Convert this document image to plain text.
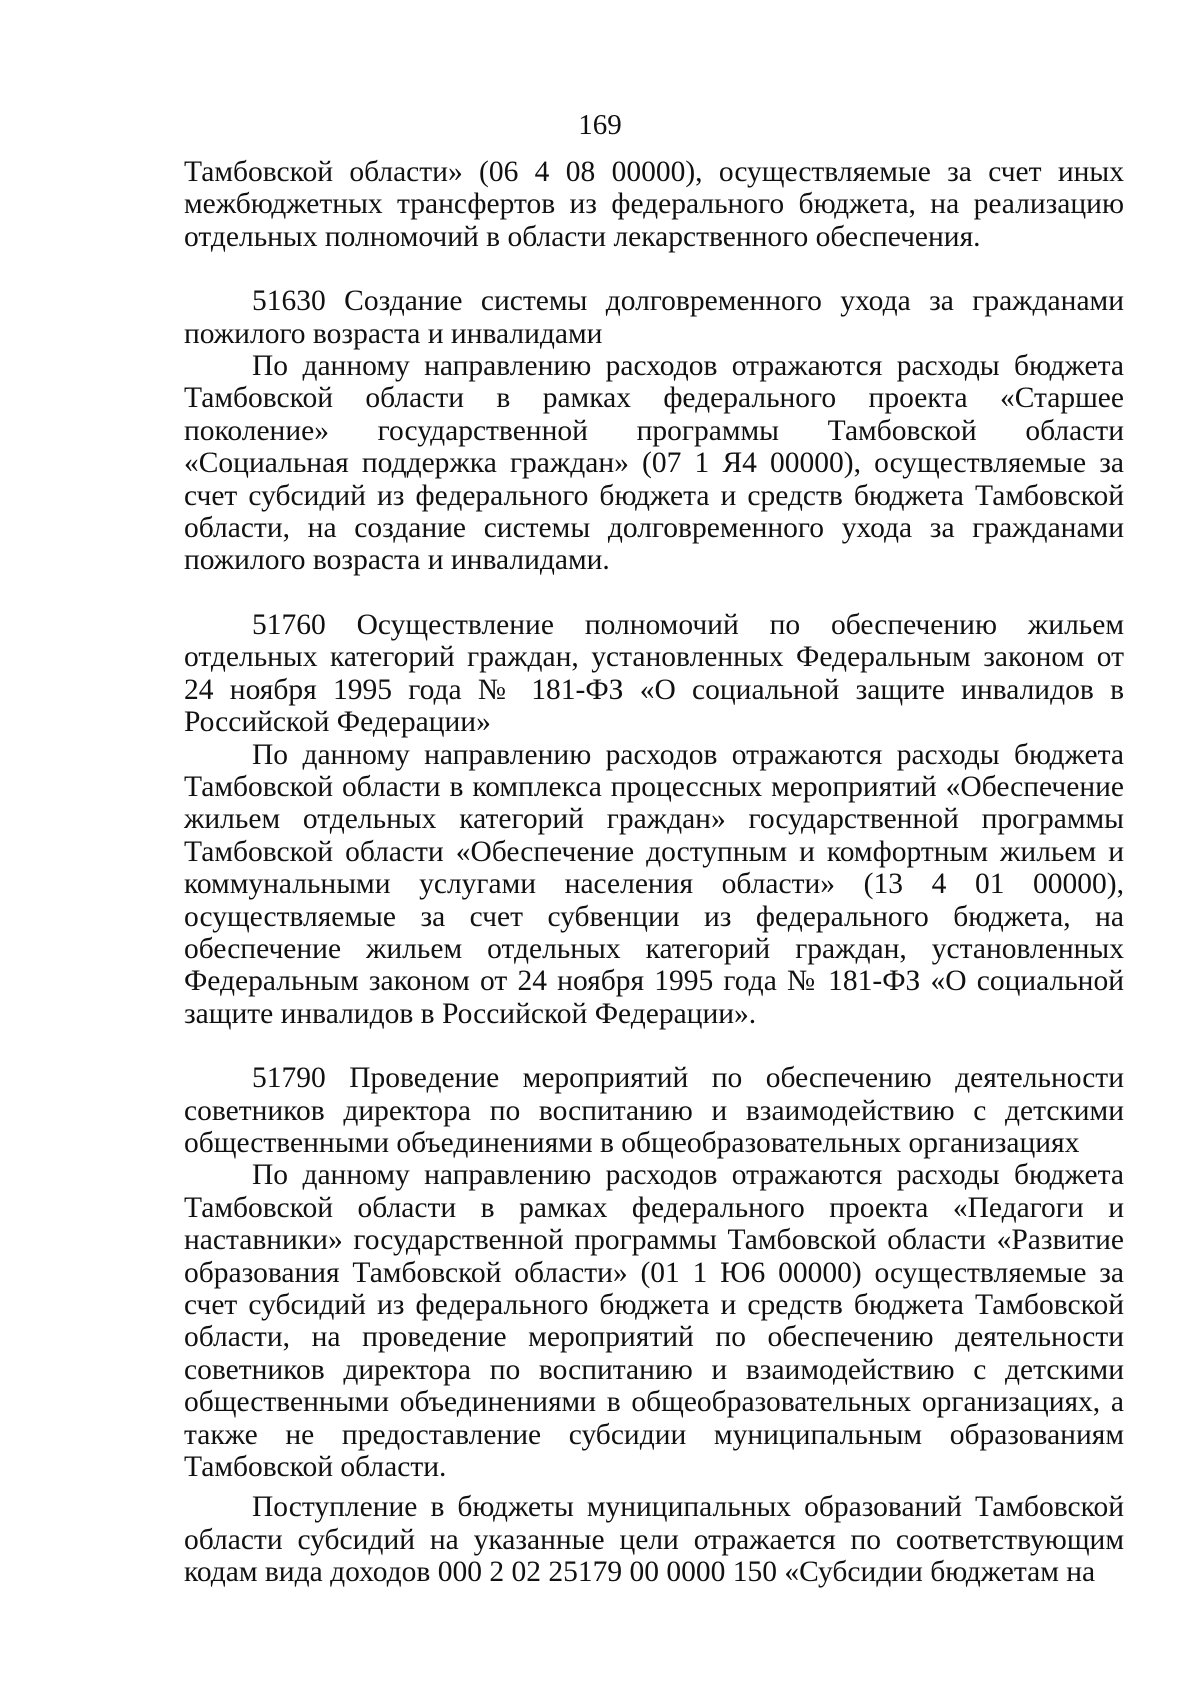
169

Тамбовской области» (06 4 08 00000), осуществляемые за счет иных межбюджетных трансфертов из федерального бюджета, на реализацию отдельных полномочий в области лекарственного обеспечения.

51630 Создание системы долговременного ухода за гражданами пожилого возраста и инвалидами

По данному направлению расходов отражаются расходы бюджета Тамбовской области в рамках федерального проекта «Старшее поколение» государственной программы Тамбовской области «Социальная поддержка граждан» (07 1 Я4 00000), осуществляемые за счет субсидий из федерального бюджета и средств бюджета Тамбовской области, на создание системы долговременного ухода за гражданами пожилого возраста и инвалидами.

51760 Осуществление полномочий по обеспечению жильем отдельных категорий граждан, установленных Федеральным законом от 24 ноября 1995 года № 181-ФЗ «О социальной защите инвалидов в Российской Федерации»

По данному направлению расходов отражаются расходы бюджета Тамбовской области в комплекса процессных мероприятий «Обеспечение жильем отдельных категорий граждан» государственной программы Тамбовской области «Обеспечение доступным и комфортным жильем и коммунальными услугами населения области» (13 4 01 00000), осуществляемые за счет субвенции из федерального бюджета, на обеспечение жильем отдельных категорий граждан, установленных Федеральным законом от 24 ноября 1995 года № 181-ФЗ «О социальной защите инвалидов в Российской Федерации».

51790 Проведение мероприятий по обеспечению деятельности советников директора по воспитанию и взаимодействию с детскими общественными объединениями в общеобразовательных организациях

По данному направлению расходов отражаются расходы бюджета Тамбовской области в рамках федерального проекта «Педагоги и наставники» государственной программы Тамбовской области «Развитие образования Тамбовской области» (01 1 Ю6 00000) осуществляемые за счет субсидий из федерального бюджета и средств бюджета Тамбовской области, на проведение мероприятий по обеспечению деятельности советников директора по воспитанию и взаимодействию с детскими общественными объединениями в общеобразовательных организациях, а также не предоставление субсидии муниципальным образованиям Тамбовской области.

Поступление в бюджеты муниципальных образований Тамбовской области субсидий на указанные цели отражается по соответствующим кодам вида доходов 000 2 02 25179 00 0000 150 «Субсидии бюджетам на
